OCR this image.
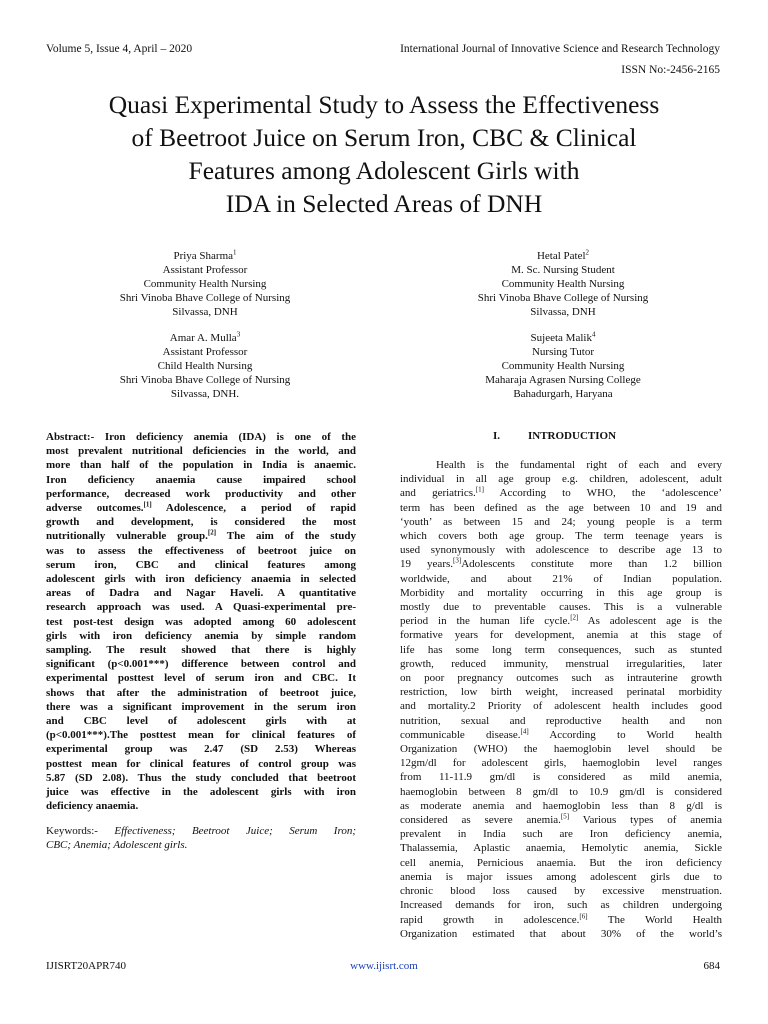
Volume 5, Issue 4, April – 2020	International Journal of Innovative Science and Research Technology
ISSN No:-2456-2165
Quasi Experimental Study to Assess the Effectiveness
of Beetroot Juice on Serum Iron, CBC & Clinical
Features among Adolescent Girls with
IDA in Selected Areas of DNH
Priya Sharma$^1$
Assistant Professor
Community Health Nursing
Shri Vinoba Bhave College of Nursing
Silvassa, DNH
Hetal Patel$^2$
M. Sc. Nursing Student
Community Health Nursing
Shri Vinoba Bhave College of Nursing
Silvassa, DNH
Amar A. Mulla$^3$
Assistant Professor
Child Health Nursing
Shri Vinoba Bhave College of Nursing
Silvassa, DNH.
Sujeeta Malik$^4$
Nursing Tutor
Community Health Nursing
Maharaja Agrasen Nursing College
Bahadurgarh, Haryana
Abstract:- Iron deficiency anemia (IDA) is one of the
most prevalent nutritional deficiencies in the world, and
more than half of the population in India is anaemic.
Iron deficiency anaemia cause impaired school
performance, decreased work productivity and other
adverse outcomes.[1] Adolescence, a period of rapid
growth and development, is considered the most
nutritionally vulnerable group.[2] The aim of the study
was to assess the effectiveness of beetroot juice on
serum iron, CBC and clinical features among
adolescent girls with iron deficiency anaemia in selected
areas of Dadra and Nagar Haveli. A quantitative
research approach was used. A Quasi-experimental pre-
test post-test design was adopted among 60 adolescent
girls with iron deficiency anemia by simple random
sampling. The result showed that there is highly
significant (p<0.001***) difference between control and
experimental posttest level of serum iron and CBC. It
shows that after the administration of beetroot juice,
there was a significant improvement in the serum iron
and CBC level of adolescent girls with at
(p<0.001***).The posttest mean for clinical features of
experimental group was 2.47 (SD 2.53) Whereas
posttest mean for clinical features of control group was
5.87 (SD 2.08). Thus the study concluded that beetroot
juice was effective in the adolescent girls with iron
deficiency anaemia.
Keywords:- Effectiveness; Beetroot Juice; Serum Iron;
CBC; Anemia; Adolescent girls.
I.	INTRODUCTION
Health is the fundamental right of each and every
individual in all age group e.g. children, adolescent, adult
and geriatrics.[1] According to WHO, the ‘adolescence’
term has been defined as the age between 10 and 19 and
‘youth’ as between 15 and 24; young people is a term
which covers both age group. The term teenage years is
used synonymously with adolescence to describe age 13 to
19 years.[3]Adolescents constitute more than 1.2 billion
worldwide, and about 21% of Indian population.
Morbidity and mortality occurring in this age group is
mostly due to preventable causes. This is a vulnerable
period in the human life cycle.[2] As adolescent age is the
formative years for development, anemia at this stage of
life has some long term consequences, such as stunted
growth, reduced immunity, menstrual irregularities, later
on poor pregnancy outcomes such as intrauterine growth
restriction, low birth weight, increased perinatal morbidity
and mortality.2 Priority of adolescent health includes good
nutrition, sexual and reproductive health and non
communicable disease.[4] According to World health
Organization (WHO) the haemoglobin level should be
12gm/dl for adolescent girls, haemoglobin level ranges
from 11-11.9 gm/dl is considered as mild anemia,
haemoglobin between 8 gm/dl to 10.9 gm/dl is considered
as moderate anemia and haemoglobin less than 8 g/dl is
considered as severe anemia.[5] Various types of anemia
prevalent in India such are Iron deficiency anemia,
Thalassemia, Aplastic anaemia, Hemolytic anemia, Sickle
cell anemia, Pernicious anaemia. But the iron deficiency
anemia is major issues among adolescent girls due to
chronic blood loss caused by excessive menstruation.
Increased demands for iron, such as children undergoing
rapid growth in adolescence.[6] The World Health
Organization estimated that about 30% of the world’s
IJISRT20APR740	www.ijisrt.com	684
